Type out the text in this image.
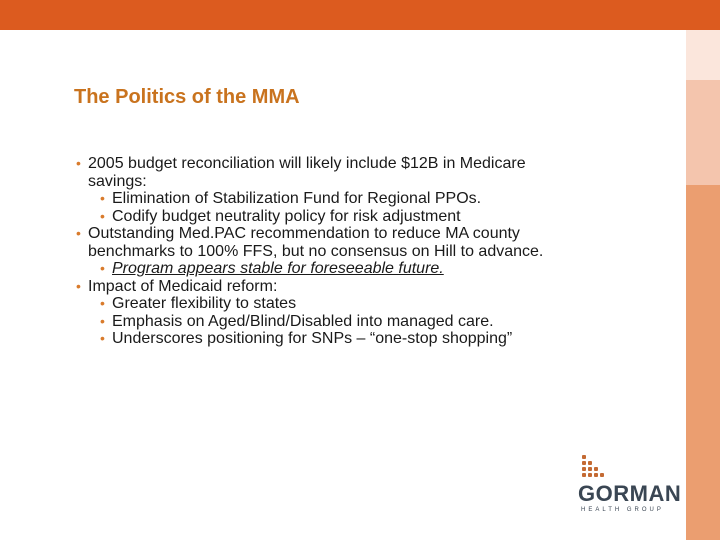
The Politics of the MMA

• 2005 budget reconciliation will likely include $12B in Medicare savings:

• Elimination of Stabilization Fund for Regional PPOs.

• Codify budget neutrality policy for risk adjustment

• Outstanding Med.PAC recommendation to reduce MA county benchmarks to 100% FFS, but no consensus on Hill to advance.

• Program appears stable for foreseeable future.

• Impact of Medicaid reform:

• Greater flexibility to states

• Emphasis on Aged/Blind/Disabled into managed care.

• Underscores positioning for SNPs – “one-stop shopping”

GORMAN
HEALTH GROUP
